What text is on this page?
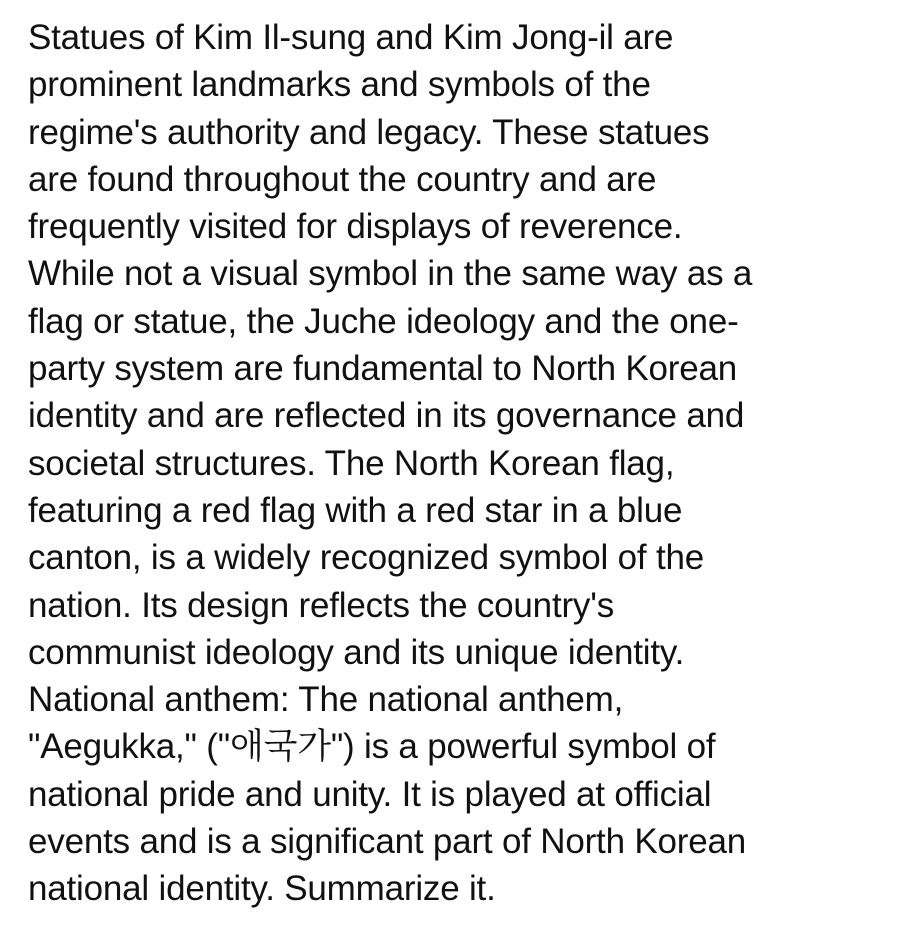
Statues of Kim Il-sung and Kim Jong-il are
prominent landmarks and symbols of the
regime's authority and legacy. These statues
are found throughout the country and are
frequently visited for displays of reverence.
While not a visual symbol in the same way as a
flag or statue, the Juche ideology and the one-
party system are fundamental to North Korean
identity and are reflected in its governance and
societal structures. The North Korean flag,
featuring a red flag with a red star in a blue
canton, is a widely recognized symbol of the
nation. Its design reflects the country's
communist ideology and its unique identity.
National anthem: The national anthem,
"Aegukka," ("애국가") is a powerful symbol of
national pride and unity. It is played at official
events and is a significant part of North Korean
national identity. Summarize it.
